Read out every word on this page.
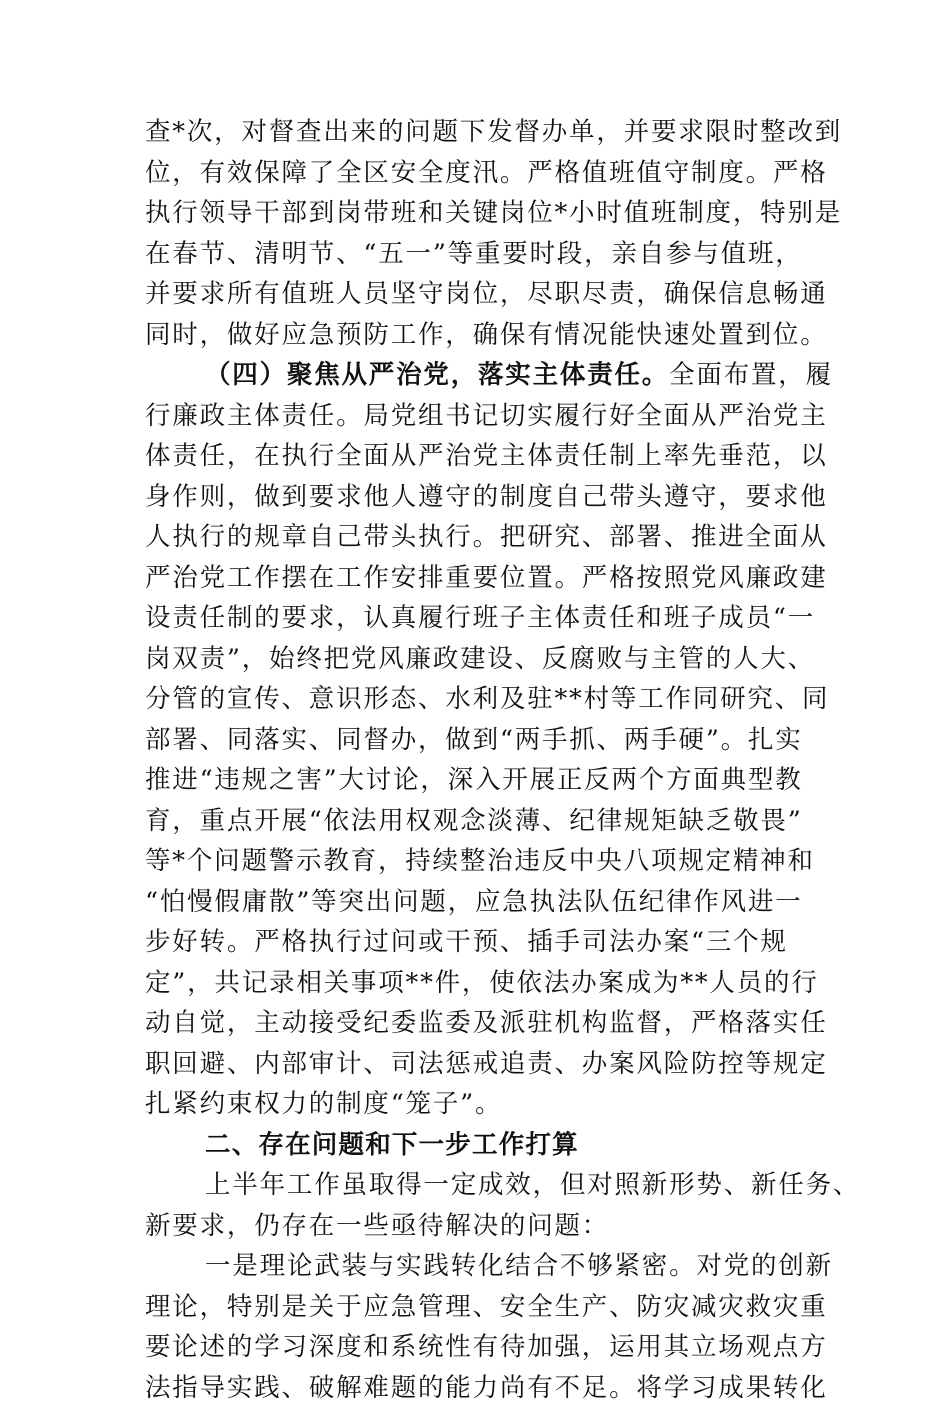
查*次，对督查出来的问题下发督办单，并要求限时整改到
位，有效保障了全区安全度汛。严格值班值守制度。严格
执行领导干部到岗带班和关键岗位*小时值班制度，特别是
在春节、清明节、“五一”等重要时段，亲自参与值班，
并要求所有值班人员坚守岗位，尽职尽责，确保信息畅通
同时，做好应急预防工作，确保有情况能快速处置到位。
（四）聚焦从严治党，落实主体责任。全面布置，履
行廉政主体责任。局党组书记切实履行好全面从严治党主
体责任，在执行全面从严治党主体责任制上率先垂范，以
身作则，做到要求他人遵守的制度自己带头遵守，要求他
人执行的规章自己带头执行。把研究、部署、推进全面从
严治党工作摆在工作安排重要位置。严格按照党风廉政建
设责任制的要求，认真履行班子主体责任和班子成员“一
岗双责”，始终把党风廉政建设、反腐败与主管的人大、
分管的宣传、意识形态、水利及驻**村等工作同研究、同
部署、同落实、同督办，做到“两手抓、两手硬”。扎实
推进“违规之害”大讨论，深入开展正反两个方面典型教
育，重点开展“依法用权观念淡薄、纪律规矩缺乏敬畏”
等*个问题警示教育，持续整治违反中央八项规定精神和
“怕慢假庸散”等突出问题，应急执法队伍纪律作风进一
步好转。严格执行过问或干预、插手司法办案“三个规
定”，共记录相关事项**件，使依法办案成为**人员的行
动自觉，主动接受纪委监委及派驻机构监督，严格落实任
职回避、内部审计、司法惩戒追责、办案风险防控等规定
扎紧约束权力的制度“笼子”。
二、存在问题和下一步工作打算
上半年工作虽取得一定成效，但对照新形势、新任务、
新要求，仍存在一些亟待解决的问题：
一是理论武装与实践转化结合不够紧密。对党的创新
理论，特别是关于应急管理、安全生产、防灾减灾救灾重
要论述的学习深度和系统性有待加强，运用其立场观点方
法指导实践、破解难题的能力尚有不足。将学习成果转化
